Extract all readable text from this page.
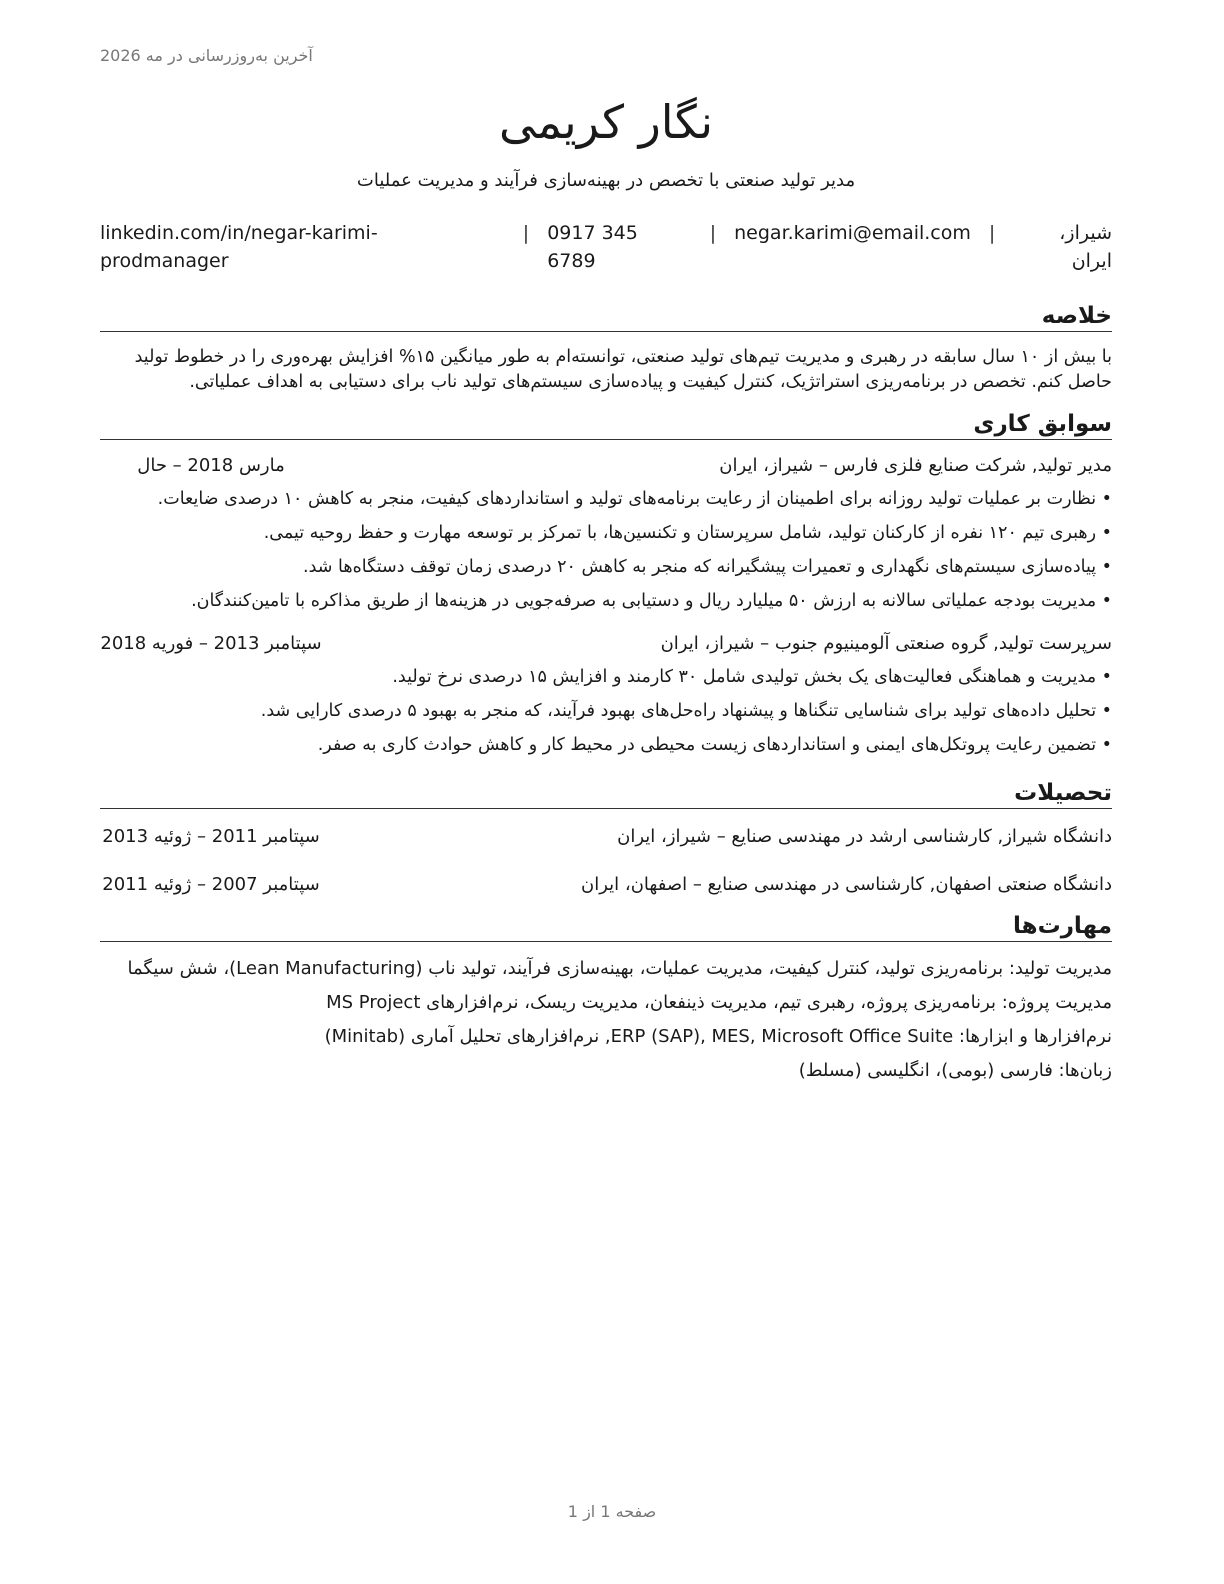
آخرین به‌روزرسانی در مه 2026
نگار کریمی
مدیر تولید صنعتی با تخصص در بهینه‌سازی فرآیند و مدیریت عملیات
شیراز، ایران
|
negar.karimi@email.com
|
0917 345 6789
|
linkedin.com/in/negar-karimi-prodmanager
خلاصه
با بیش از ۱۰ سال سابقه در رهبری و مدیریت تیم‌های تولید صنعتی، توانسته‌ام به طور میانگین ۱۵% افزایش بهره‌وری را در خطوط تولید حاصل کنم. تخصص در برنامه‌ریزی استراتژیک، کنترل کیفیت و پیاده‌سازی سیستم‌های تولید ناب برای دستیابی به اهداف عملیاتی.
سوابق کاری
مدیر تولید, شرکت صنایع فلزی فارس – شیراز، ایران
مارس 2018 – حال
• نظارت بر عملیات تولید روزانه برای اطمینان از رعایت برنامه‌های تولید و استانداردهای کیفیت، منجر به کاهش ۱۰ درصدی ضایعات.
• رهبری تیم ۱۲۰ نفره از کارکنان تولید، شامل سرپرستان و تکنسین‌ها، با تمرکز بر توسعه مهارت و حفظ روحیه تیمی.
• پیاده‌سازی سیستم‌های نگهداری و تعمیرات پیشگیرانه که منجر به کاهش ۲۰ درصدی زمان توقف دستگاه‌ها شد.
• مدیریت بودجه عملیاتی سالانه به ارزش ۵۰ میلیارد ریال و دستیابی به صرفه‌جویی در هزینه‌ها از طریق مذاکره با تامین‌کنندگان.
سرپرست تولید, گروه صنعتی آلومینیوم جنوب – شیراز، ایران
سپتامبر 2013 – فوریه 2018
• مدیریت و هماهنگی فعالیت‌های یک بخش تولیدی شامل ۳۰ کارمند و افزایش ۱۵ درصدی نرخ تولید.
• تحلیل داده‌های تولید برای شناسایی تنگناها و پیشنهاد راه‌حل‌های بهبود فرآیند، که منجر به بهبود ۵ درصدی کارایی شد.
• تضمین رعایت پروتکل‌های ایمنی و استانداردهای زیست محیطی در محیط کار و کاهش حوادث کاری به صفر.
تحصیلات
دانشگاه شیراز, کارشناسی ارشد در مهندسی صنایع – شیراز، ایران
سپتامبر 2011 – ژوئیه 2013
دانشگاه صنعتی اصفهان, کارشناسی در مهندسی صنایع – اصفهان، ایران
سپتامبر 2007 – ژوئیه 2011
مهارت‌ها
مدیریت تولید: برنامه‌ریزی تولید، کنترل کیفیت، مدیریت عملیات، بهینه‌سازی فرآیند، تولید ناب (Lean Manufacturing)، شش سیگما
مدیریت پروژه: برنامه‌ریزی پروژه، رهبری تیم، مدیریت ذینفعان، مدیریت ریسک، نرم‌افزارهای MS Project
نرم‌افزارها و ابزارها: ERP (SAP), MES, Microsoft Office Suite, نرم‌افزارهای تحلیل آماری (Minitab)
زبان‌ها: فارسی (بومی)، انگلیسی (مسلط)
صفحه 1 از 1
